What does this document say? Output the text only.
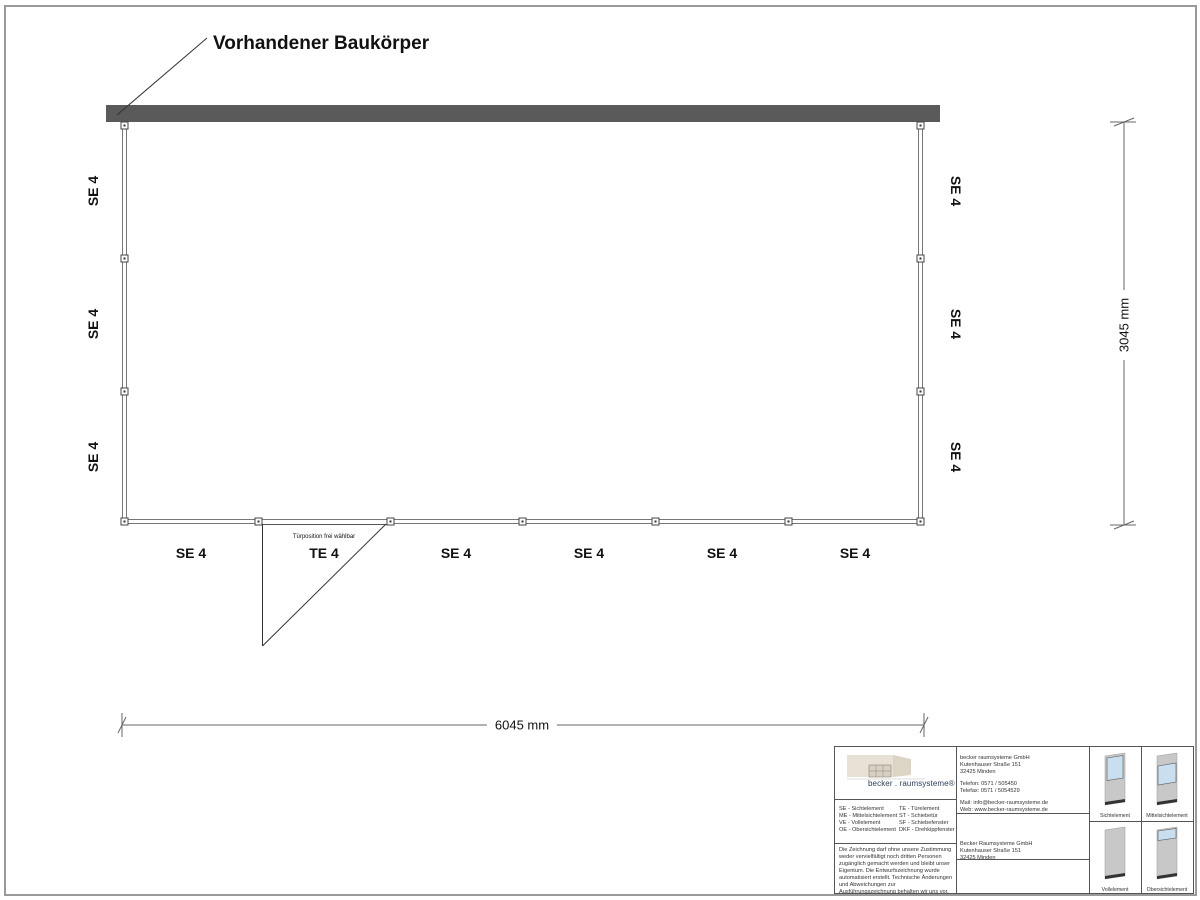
Vorhandener Baukörper
SE 4
SE 4
SE 4
SE 4
SE 4
SE 4
SE 4	TE 4	SE 4	SE 4	SE 4	SE 4
Türposition frei wählbar
6045 mm
3045 mm
becker . raumsysteme®
SE - Sichtelement	TE - Türelement
ME - Mittelsichtelement ST - Schiebetür
VE - Vollelement	SF - Schiebefenster
OE - Obersichtelement DKF - Drehkippfenster
Die Zeichnung darf ohne unsere Zustimmung weder vervielfältigt noch dritten Personen zugänglich gemacht werden und bleibt unser Eigentum. Die Entwurfszeichnung wurde automatisiert erstellt. Technische Änderungen und Abweichungen zur Ausführungszeichnung behalten wir uns vor.

becker raumsysteme GmbH

Kutenhauser Straße 151

32425 Minden

Telefon: 0571 / 505450

Telefax: 0571 / 5054529

Mail: info@becker-raumsysteme.de

Web: www.becker-raumsysteme.de

Becker Raumsysteme GmbH

Kutenhauser Straße 151

32425 Minden

Sichtelement	Mittelsichtelement
Vollelement	Obersichtelement
